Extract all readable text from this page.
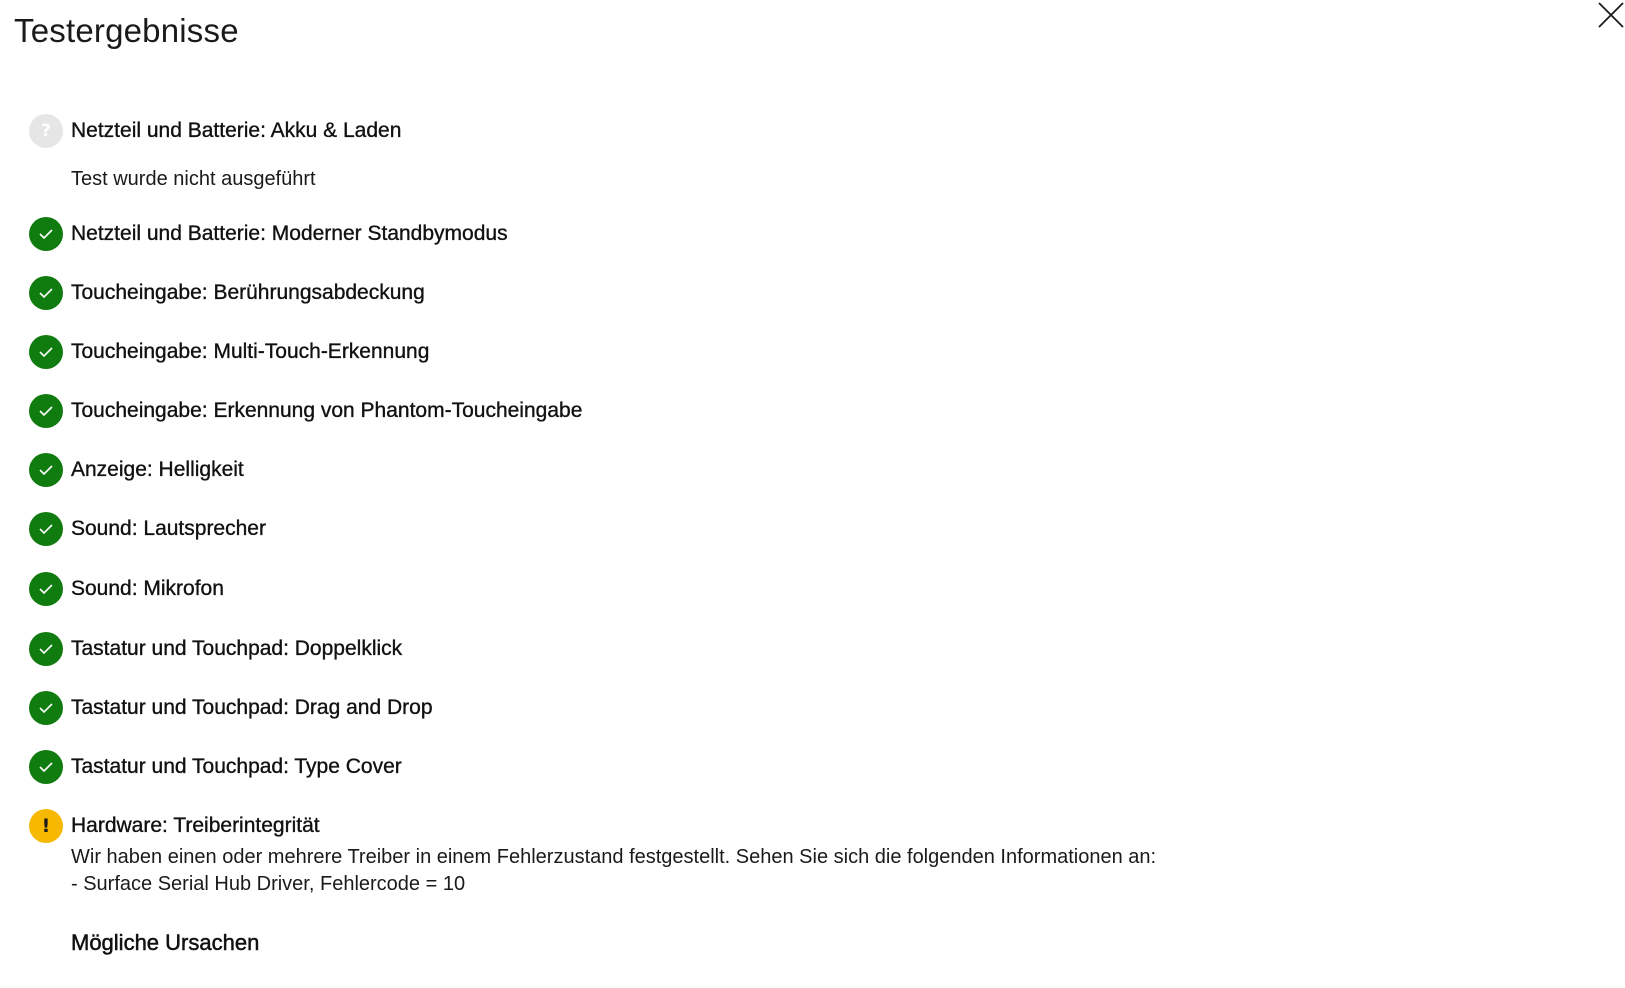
Testergebnisse
? Netzteil und Batterie: Akku & Laden
Test wurde nicht ausgeführt
Netzteil und Batterie: Moderner Standbymodus
Toucheingabe: Berührungsabdeckung
Toucheingabe: Multi-Touch-Erkennung
Toucheingabe: Erkennung von Phantom-Toucheingabe
Anzeige: Helligkeit
Sound: Lautsprecher
Sound: Mikrofon
Tastatur und Touchpad: Doppelklick
Tastatur und Touchpad: Drag and Drop
Tastatur und Touchpad: Type Cover
! Hardware: Treiberintegrität
Wir haben einen oder mehrere Treiber in einem Fehlerzustand festgestellt. Sehen Sie sich die folgenden Informationen an:
- Surface Serial Hub Driver, Fehlercode = 10
Mögliche Ursachen
